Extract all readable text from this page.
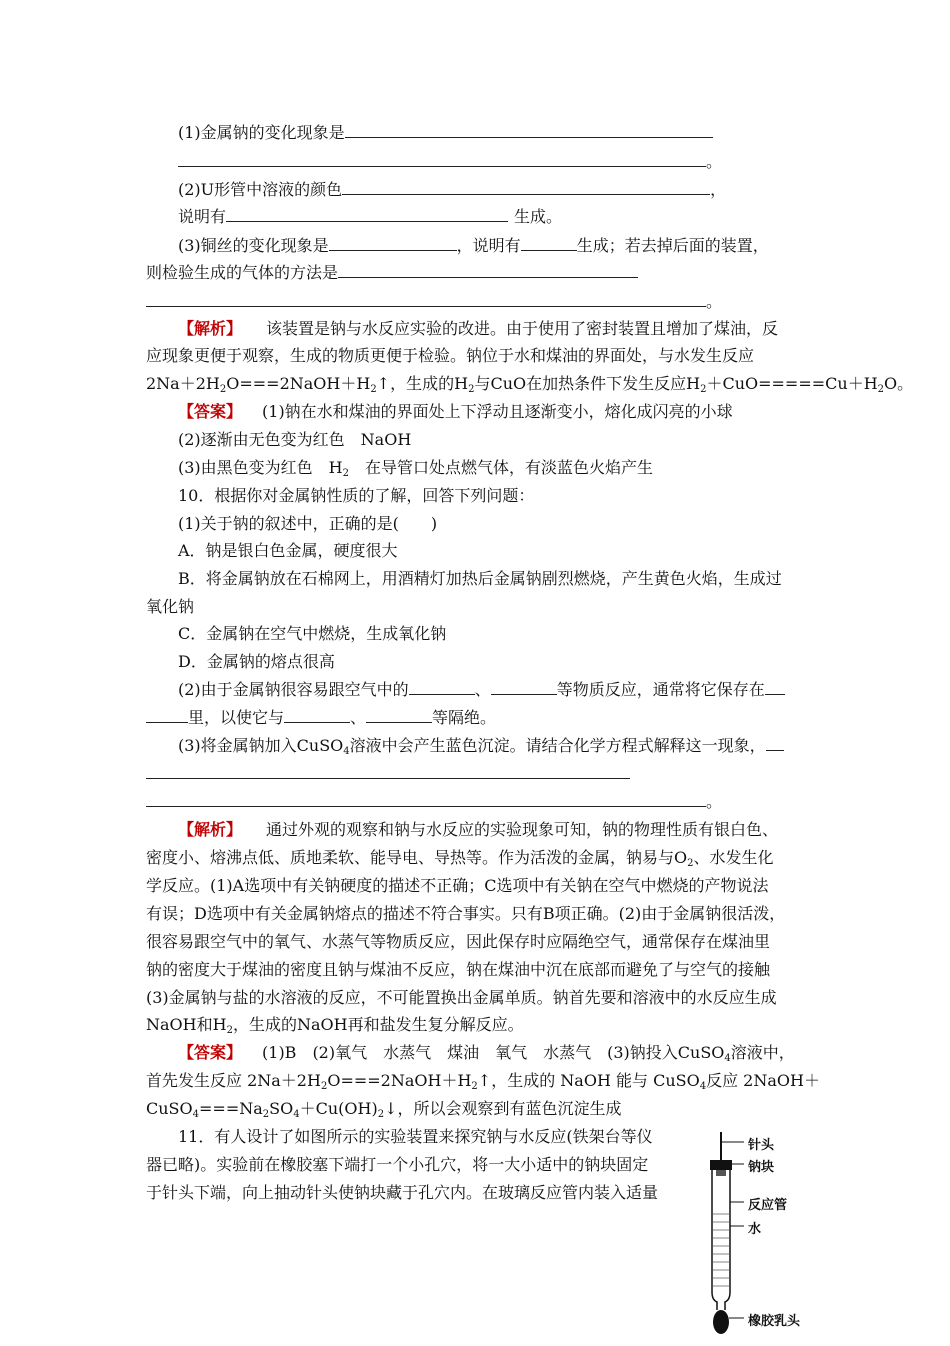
(1)金属钠的变化现象是
。
(2)U形管中溶液的颜色	，
说明有	生成。
(3)铜丝的变化现象是	，说明有	生成；若去掉后面的装置，
则检验生成的气体的方法是
。
【解析】 该装置是钠与水反应实验的改进。由于使用了密封装置且增加了煤油，反
应现象更便于观察，生成的物质更便于检验。钠位于水和煤油的界面处，与水发生反应
$2Na+2H_2O===2NaOH+H_2↑$，生成的$H_2$与CuO在加热条件下发生反应$H_2+CuO=====Cu+H_2O$。
【答案】 (1)钠在水和煤油的界面处上下浮动且逐渐变小，熔化成闪亮的小球
(2)逐渐由无色变为红色　NaOH
(3)由黑色变为红色　$H_2$　在导管口处点燃气体，有淡蓝色火焰产生
10．根据你对金属钠性质的了解，回答下列问题：
(1)关于钠的叙述中，正确的是(　　)
A．钠是银白色金属，硬度很大
B．将金属钠放在石棉网上，用酒精灯加热后金属钠剧烈燃烧，产生黄色火焰，生成过
氧化钠
C．金属钠在空气中燃烧，生成氧化钠
D．金属钠的熔点很高
(2)由于金属钠很容易跟空气中的	、	等物质反应，通常将它保存在
里，以使它与	、	等隔绝。
(3)将金属钠加入CuSO$_4$溶液中会产生蓝色沉淀。请结合化学方程式解释这一现象，
。
【解析】 通过外观的观察和钠与水反应的实验现象可知，钠的物理性质有银白色、
密度小、熔沸点低、质地柔软、能导电、导热等。作为活泼的金属，钠易与$O_2$、水发生化
学反应。(1)A选项中有关钠硬度的描述不正确；C选项中有关钠在空气中燃烧的产物说法
有误；D选项中有关金属钠熔点的描述不符合事实。只有B项正确。(2)由于金属钠很活泼，
很容易跟空气中的氧气、水蒸气等物质反应，因此保存时应隔绝空气，通常保存在煤油里
钠的密度大于煤油的密度且钠与煤油不反应，钠在煤油中沉在底部而避免了与空气的接触
(3)金属钠与盐的水溶液的反应，不可能置换出金属单质。钠首先要和溶液中的水反应生成
NaOH和$H_2$，生成的NaOH再和盐发生复分解反应。
【答案】 (1)B　(2)氧气　水蒸气　煤油　氧气　水蒸气　(3)钠投入CuSO$_4$溶液中，
首先发生反应 $2Na+2H_2O===2NaOH+H_2↑$，生成的 NaOH 能与 CuSO$_4$反应 2NaOH＋
$CuSO_4===Na_2SO_4+Cu(OH)_2↓$，所以会观察到有蓝色沉淀生成
11．有人设计了如图所示的实验装置来探究钠与水反应(铁架台等仪
器已略)。实验前在橡胶塞下端打一个小孔穴，将一大小适中的钠块固定
于针头下端，向上抽动针头使钠块藏于孔穴内。在玻璃反应管内装入适量
针头
钠块
反应管
水
橡胶乳头
